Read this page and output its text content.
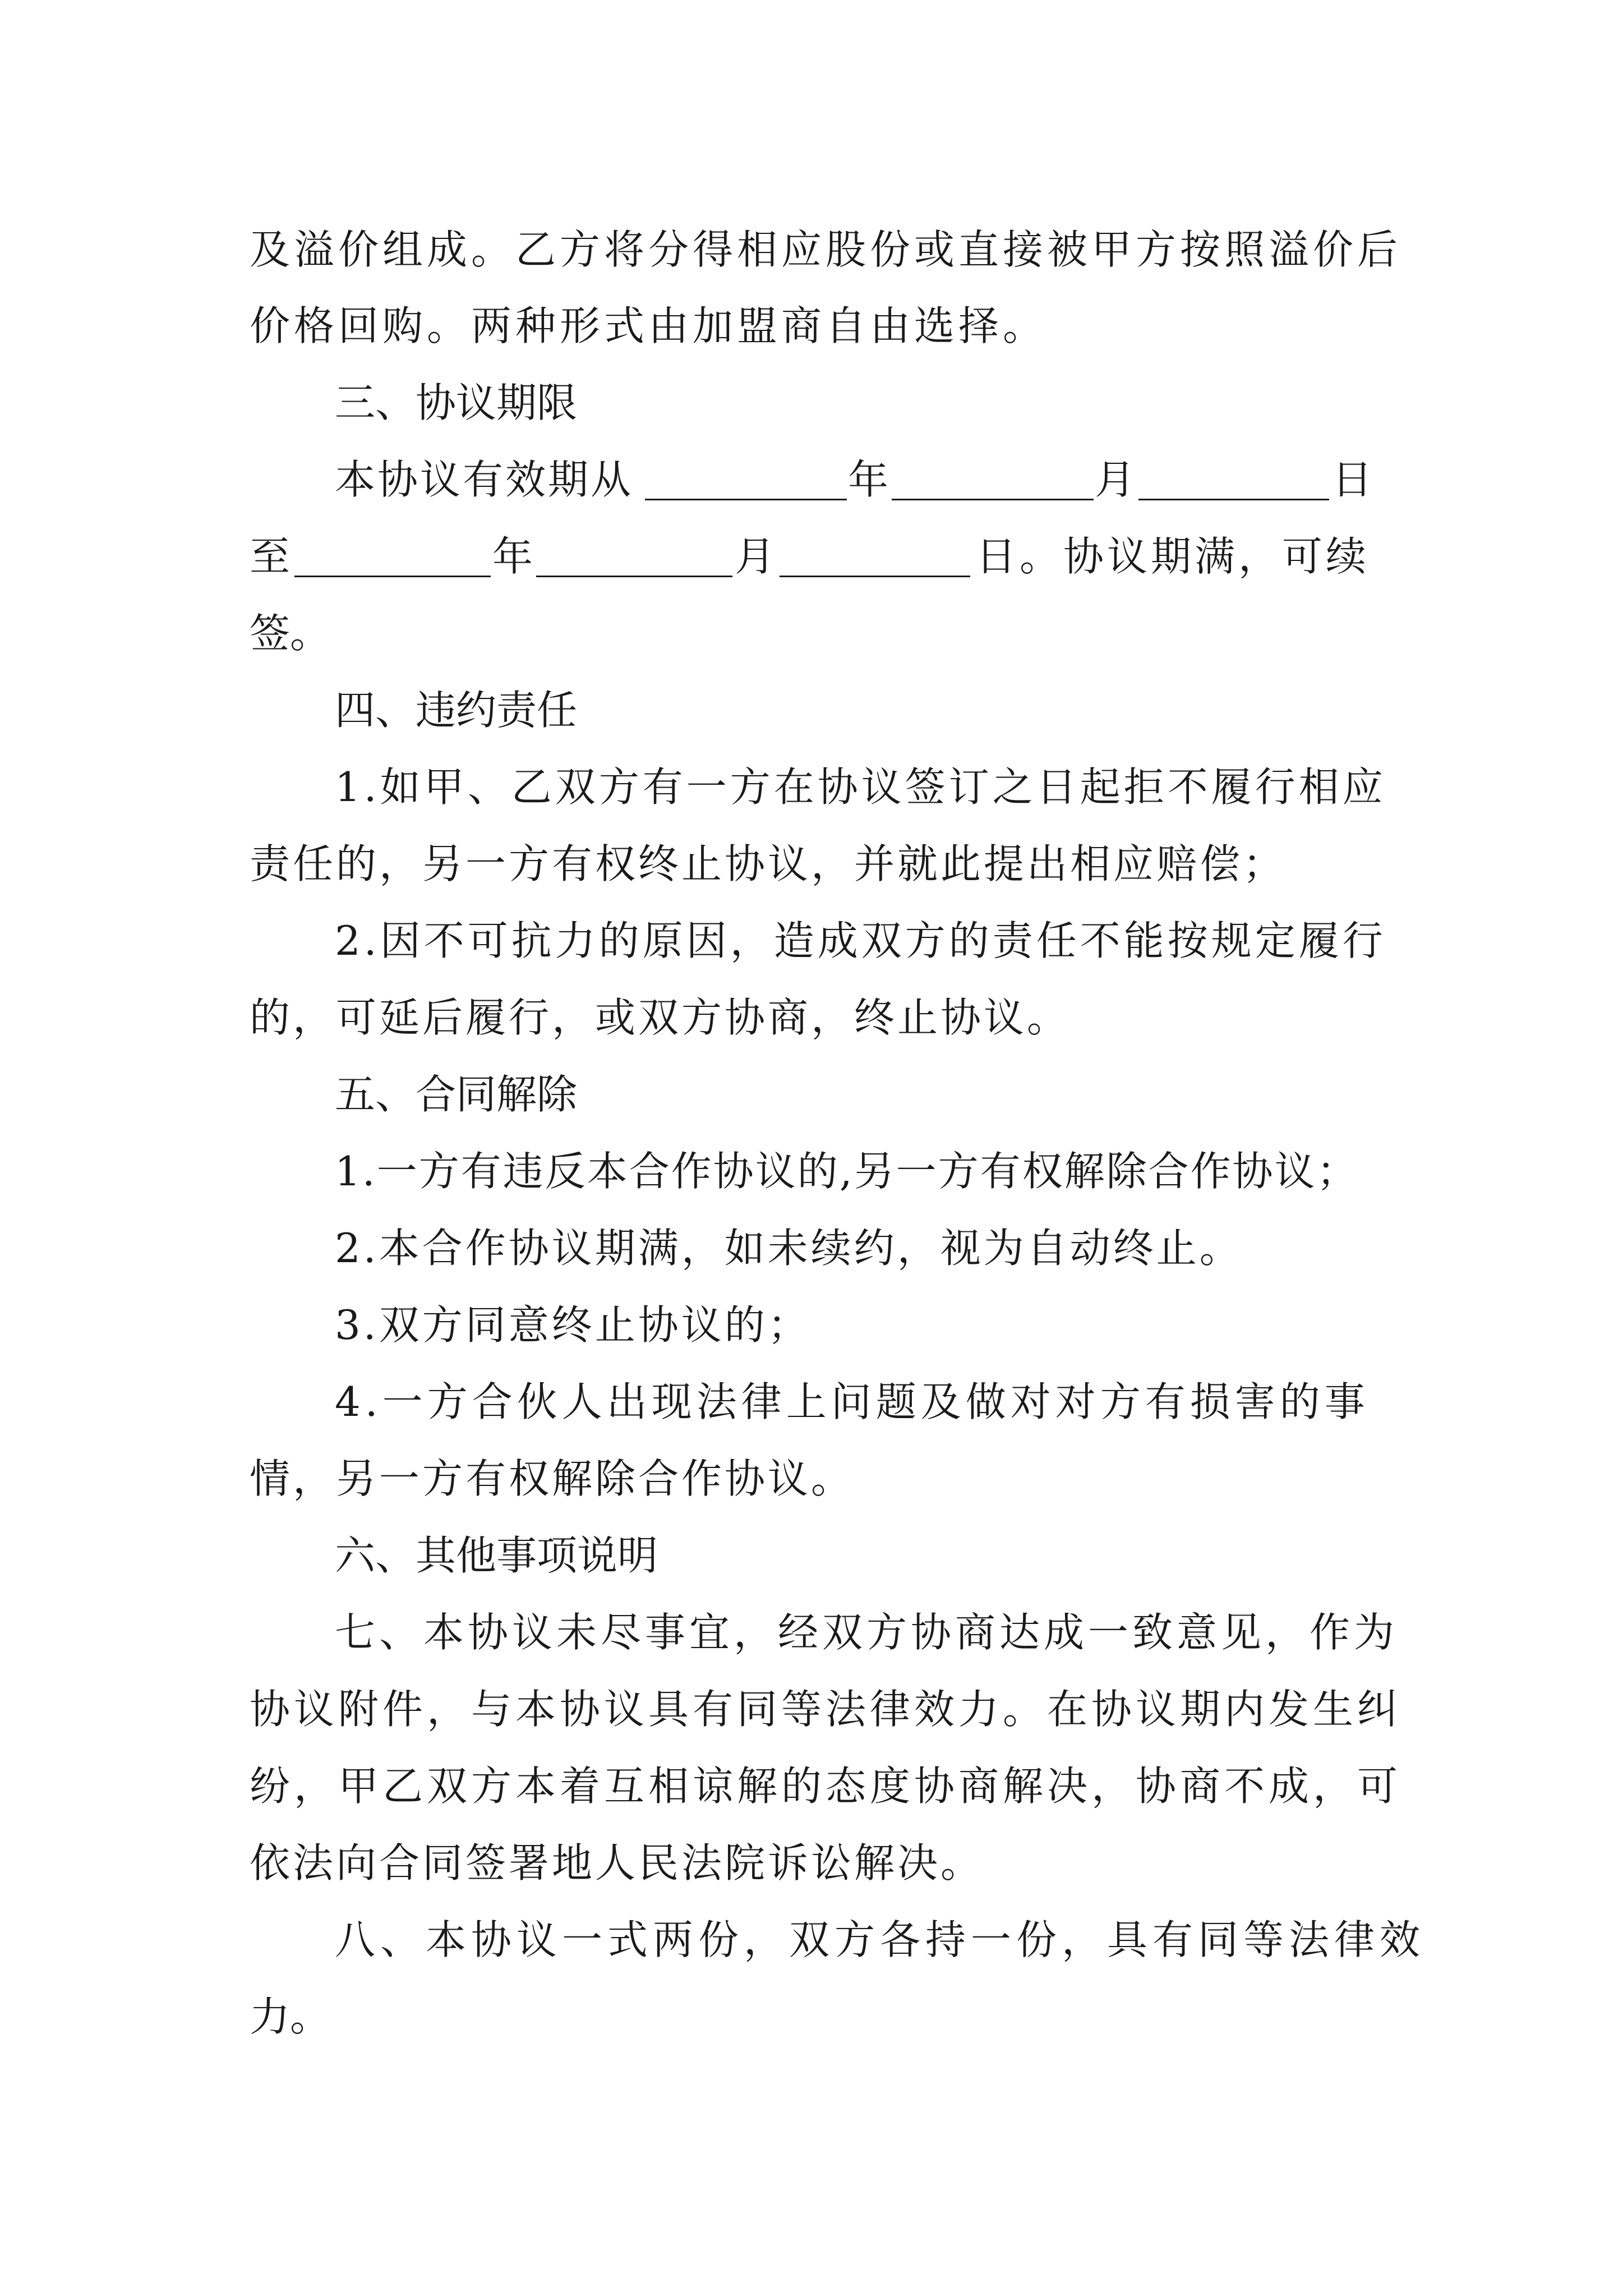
及溢价组成。乙方将分得相应股份或直接被甲方按照溢价后
价格回购。两种形式由加盟商自由选择。
三、协议期限
本协议有效期从	年	月	日
至	年	月	日。协议期满，可续
签。
四、违约责任
1.如甲、乙双方有一方在协议签订之日起拒不履行相应
责任的，另一方有权终止协议，并就此提出相应赔偿；
2.因不可抗力的原因，造成双方的责任不能按规定履行
的，可延后履行，或双方协商，终止协议。
五、合同解除
1.一方有违反本合作协议的,另一方有权解除合作协议；
2.本合作协议期满，如未续约，视为自动终止。
3.双方同意终止协议的；
4.一方合伙人出现法律上问题及做对对方有损害的事
情，另一方有权解除合作协议。
六、其他事项说明
七、本协议未尽事宜，经双方协商达成一致意见，作为
协议附件，与本协议具有同等法律效力。在协议期内发生纠
纷，甲乙双方本着互相谅解的态度协商解决，协商不成，可
依法向合同签署地人民法院诉讼解决。
八、本协议一式两份，双方各持一份，具有同等法律效
力。
